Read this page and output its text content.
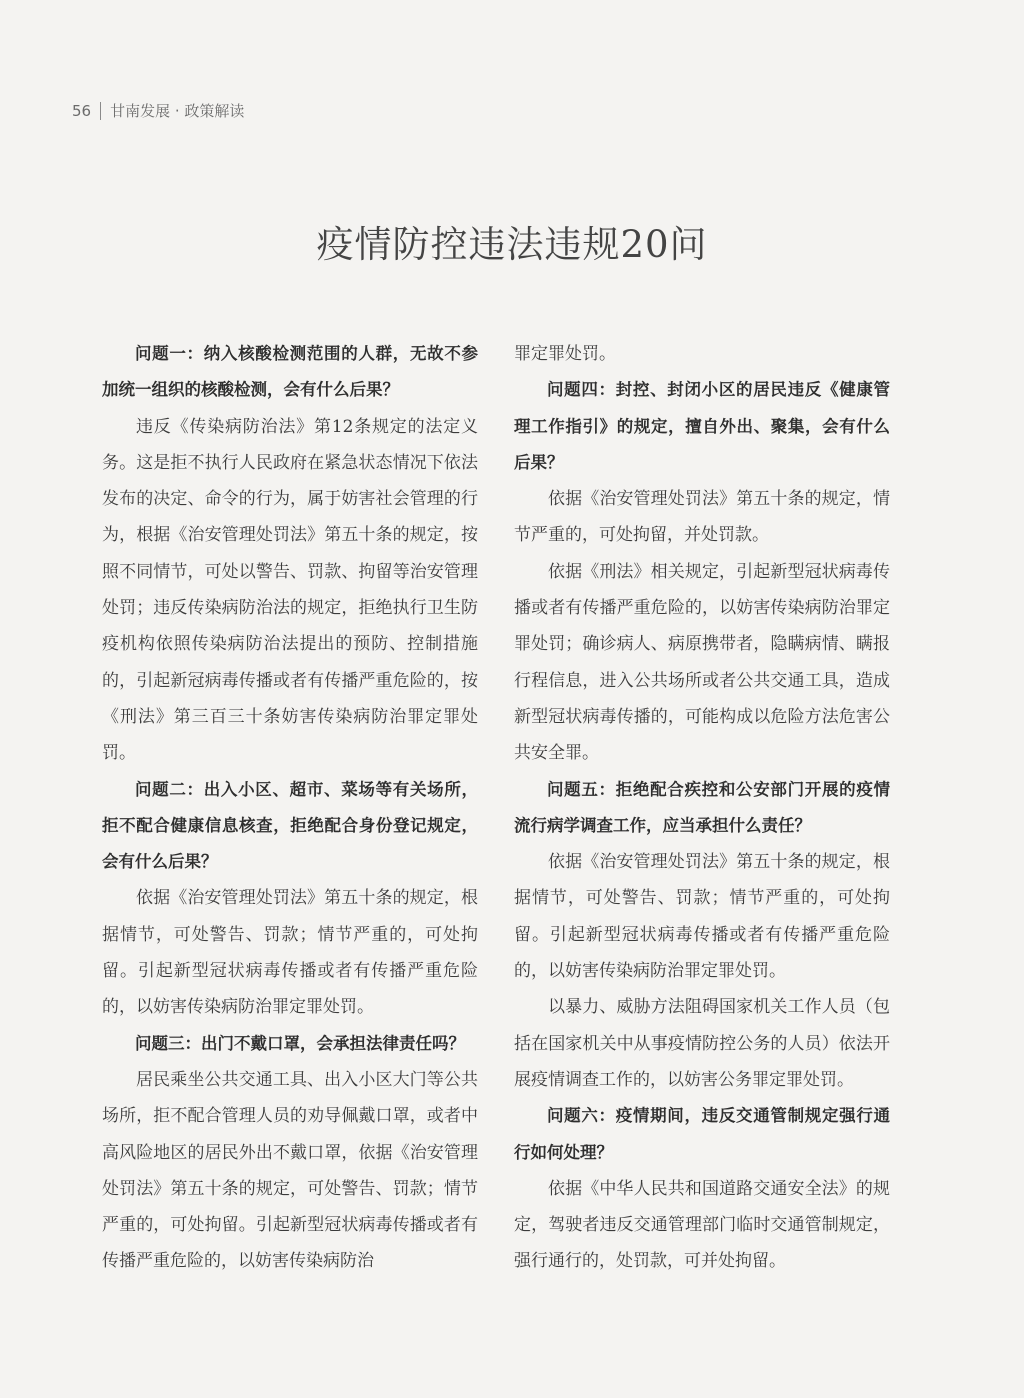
56 甘南发展 · 政策解读
疫情防控违法违规20问

问题一：纳入核酸检测范围的人群，无故不参加统一组织的核酸检测，会有什么后果？

违反《传染病防治法》第12条规定的法定义务。这是拒不执行人民政府在紧急状态情况下依法发布的决定、命令的行为，属于妨害社会管理的行为，根据《治安管理处罚法》第五十条的规定，按照不同情节，可处以警告、罚款、拘留等治安管理处罚；违反传染病防治法的规定，拒绝执行卫生防疫机构依照传染病防治法提出的预防、控制措施的，引起新冠病毒传播或者有传播严重危险的，按《刑法》第三百三十条妨害传染病防治罪定罪处罚。

问题二：出入小区、超市、菜场等有关场所，拒不配合健康信息核查，拒绝配合身份登记规定，会有什么后果？

依据《治安管理处罚法》第五十条的规定，根据情节，可处警告、罚款；情节严重的，可处拘留。引起新型冠状病毒传播或者有传播严重危险的，以妨害传染病防治罪定罪处罚。

问题三：出门不戴口罩，会承担法律责任吗？

居民乘坐公共交通工具、出入小区大门等公共场所，拒不配合管理人员的劝导佩戴口罩，或者中高风险地区的居民外出不戴口罩，依据《治安管理处罚法》第五十条的规定，可处警告、罚款；情节严重的，可处拘留。引起新型冠状病毒传播或者有传播严重危险的，以妨害传染病防治

罪定罪处罚。

问题四：封控、封闭小区的居民违反《健康管理工作指引》的规定，擅自外出、聚集，会有什么后果？

依据《治安管理处罚法》第五十条的规定，情节严重的，可处拘留，并处罚款。

依据《刑法》相关规定，引起新型冠状病毒传播或者有传播严重危险的，以妨害传染病防治罪定罪处罚；确诊病人、病原携带者，隐瞒病情、瞒报行程信息，进入公共场所或者公共交通工具，造成新型冠状病毒传播的，可能构成以危险方法危害公共安全罪。

问题五：拒绝配合疾控和公安部门开展的疫情流行病学调查工作，应当承担什么责任？

依据《治安管理处罚法》第五十条的规定，根据情节，可处警告、罚款；情节严重的，可处拘留。引起新型冠状病毒传播或者有传播严重危险的，以妨害传染病防治罪定罪处罚。

以暴力、威胁方法阻碍国家机关工作人员（包括在国家机关中从事疫情防控公务的人员）依法开展疫情调查工作的，以妨害公务罪定罪处罚。

问题六：疫情期间，违反交通管制规定强行通行如何处理？

依据《中华人民共和国道路交通安全法》的规定，驾驶者违反交通管理部门临时交通管制规定，强行通行的，处罚款，可并处拘留。
